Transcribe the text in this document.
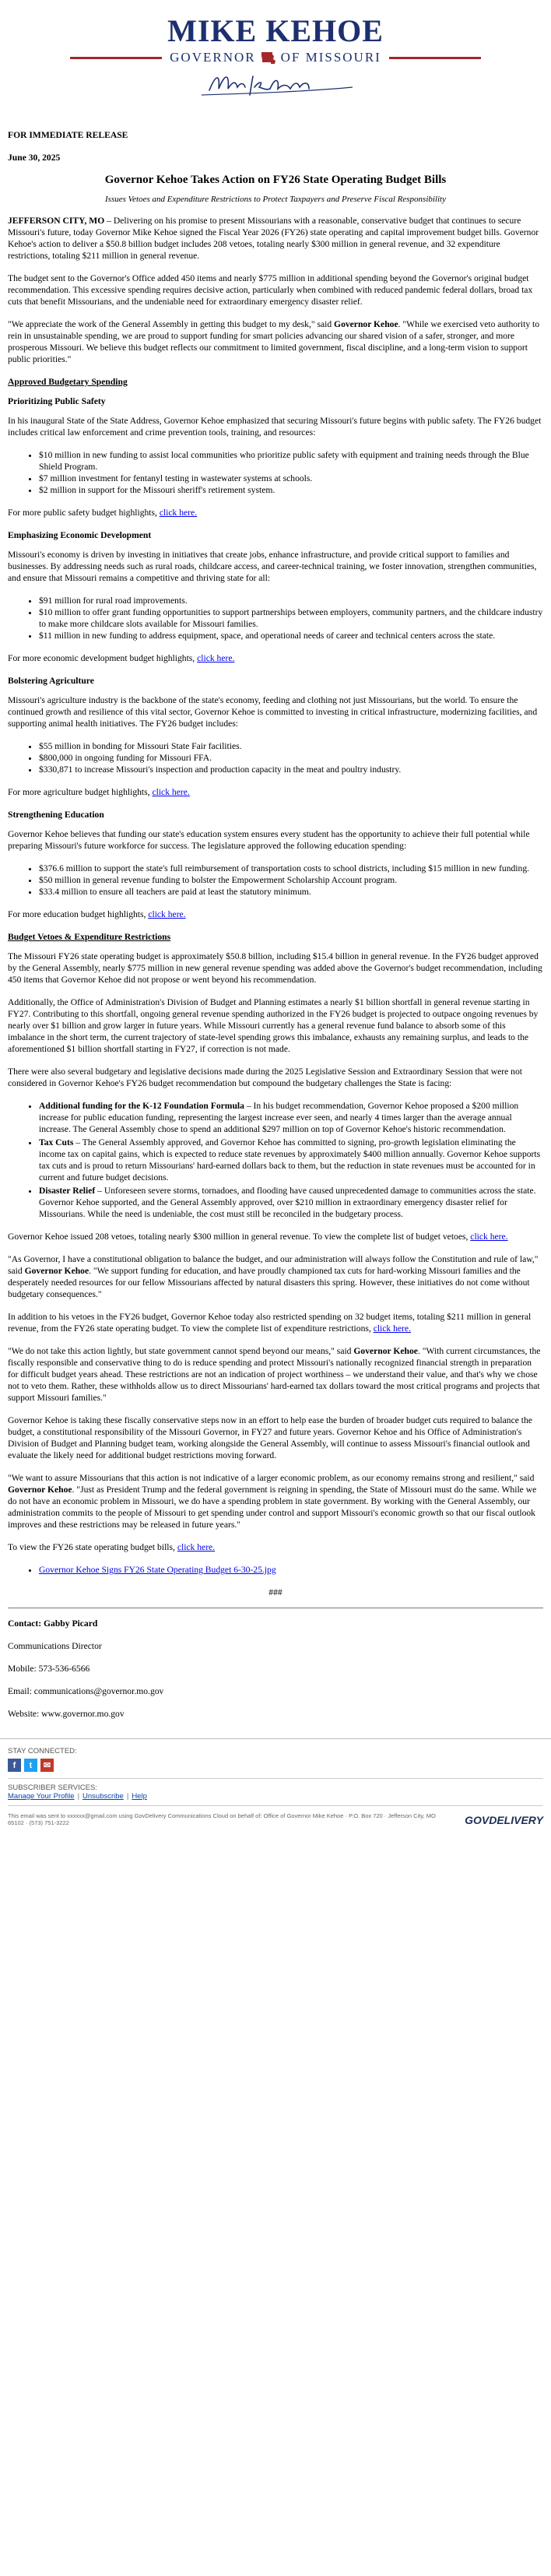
MIKE KEHOE
GOVERNOR OF MISSOURI

FOR IMMEDIATE RELEASE

June 30, 2025

Governor Kehoe Takes Action on FY26 State Operating Budget Bills

Issues Vetoes and Expenditure Restrictions to Protect Taxpayers and Preserve Fiscal Responsibility

JEFFERSON CITY, MO – Delivering on his promise to present Missourians with a reasonable, conservative budget that continues to secure Missouri's future, today Governor Mike Kehoe signed the Fiscal Year 2026 (FY26) state operating and capital improvement budget bills. Governor Kehoe's action to deliver a $50.8 billion budget includes 208 vetoes, totaling nearly $300 million in general revenue, and 32 expenditure restrictions, totaling $211 million in general revenue.

The budget sent to the Governor's Office added 450 items and nearly $775 million in additional spending beyond the Governor's original budget recommendation. This excessive spending requires decisive action, particularly when combined with reduced pandemic federal dollars, broad tax cuts that benefit Missourians, and the undeniable need for extraordinary emergency disaster relief.

"We appreciate the work of the General Assembly in getting this budget to my desk," said Governor Kehoe. "While we exercised veto authority to rein in unsustainable spending, we are proud to support funding for smart policies advancing our shared vision of a safer, stronger, and more prosperous Missouri. We believe this budget reflects our commitment to limited government, fiscal discipline, and a long-term vision to support public priorities."

Approved Budgetary Spending

Prioritizing Public Safety

In his inaugural State of the State Address, Governor Kehoe emphasized that securing Missouri's future begins with public safety. The FY26 budget includes critical law enforcement and crime prevention tools, training, and resources:

• $10 million in new funding to assist local communities who prioritize public safety with equipment and training needs through the Blue Shield Program.
• $7 million investment for fentanyl testing in wastewater systems at schools.
• $2 million in support for the Missouri sheriff's retirement system.

For more public safety budget highlights, click here.

Emphasizing Economic Development

Missouri's economy is driven by investing in initiatives that create jobs, enhance infrastructure, and provide critical support to families and businesses. By addressing needs such as rural roads, childcare access, and career-technical training, we foster innovation, strengthen communities, and ensure that Missouri remains a competitive and thriving state for all:

• $91 million for rural road improvements.
• $10 million to offer grant funding opportunities to support partnerships between employers, community partners, and the childcare industry to make more childcare slots available for Missouri families.
• $11 million in new funding to address equipment, space, and operational needs of career and technical centers across the state.

For more economic development budget highlights, click here.

Bolstering Agriculture

Missouri's agriculture industry is the backbone of the state's economy, feeding and clothing not just Missourians, but the world. To ensure the continued growth and resilience of this vital sector, Governor Kehoe is committed to investing in critical infrastructure, modernizing facilities, and supporting animal health initiatives. The FY26 budget includes:

• $55 million in bonding for Missouri State Fair facilities.
• $800,000 in ongoing funding for Missouri FFA.
• $330,871 to increase Missouri's inspection and production capacity in the meat and poultry industry.

For more agriculture budget highlights, click here.

Strengthening Education

Governor Kehoe believes that funding our state's education system ensures every student has the opportunity to achieve their full potential while preparing Missouri's future workforce for success. The legislature approved the following education spending:

• $376.6 million to support the state's full reimbursement of transportation costs to school districts, including $15 million in new funding.
• $50 million in general revenue funding to bolster the Empowerment Scholarship Account program.
• $33.4 million to ensure all teachers are paid at least the statutory minimum.

For more education budget highlights, click here.

Budget Vetoes & Expenditure Restrictions

The Missouri FY26 state operating budget is approximately $50.8 billion, including $15.4 billion in general revenue. In the FY26 budget approved by the General Assembly, nearly $775 million in new general revenue spending was added above the Governor's budget recommendation, including 450 items that Governor Kehoe did not propose or went beyond his recommendation.

Additionally, the Office of Administration's Division of Budget and Planning estimates a nearly $1 billion shortfall in general revenue starting in FY27. Contributing to this shortfall, ongoing general revenue spending authorized in the FY26 budget is projected to outpace ongoing revenues by nearly over $1 billion and grow larger in future years. While Missouri currently has a general revenue fund balance to absorb some of this imbalance in the short term, the current trajectory of state-level spending grows this imbalance, exhausts any remaining surplus, and leads to the aforementioned $1 billion shortfall starting in FY27, if correction is not made.

There were also several budgetary and legislative decisions made during the 2025 Legislative Session and Extraordinary Session that were not considered in Governor Kehoe's FY26 budget recommendation but compound the budgetary challenges the State is facing:

• Additional funding for the K-12 Foundation Formula – In his budget recommendation, Governor Kehoe proposed a $200 million increase for public education funding, representing the largest increase ever seen, and nearly 4 times larger than the average annual increase. The General Assembly chose to spend an additional $297 million on top of Governor Kehoe's historic recommendation.
• Tax Cuts – The General Assembly approved, and Governor Kehoe has committed to signing, pro-growth legislation eliminating the income tax on capital gains, which is expected to reduce state revenues by approximately $400 million annually. Governor Kehoe supports tax cuts and is proud to return Missourians' hard-earned dollars back to them, but the reduction in state revenues must be accounted for in current and future budget decisions.
• Disaster Relief – Unforeseen severe storms, tornadoes, and flooding have caused unprecedented damage to communities across the state. Governor Kehoe supported, and the General Assembly approved, over $210 million in extraordinary emergency disaster relief for Missourians. While the need is undeniable, the cost must still be reconciled in the budgetary process.

Governor Kehoe issued 208 vetoes, totaling nearly $300 million in general revenue. To view the complete list of budget vetoes, click here.

"As Governor, I have a constitutional obligation to balance the budget, and our administration will always follow the Constitution and rule of law," said Governor Kehoe. "We support funding for education, and have proudly championed tax cuts for hard-working Missouri families and the desperately needed resources for our fellow Missourians affected by natural disasters this spring. However, these initiatives do not come without budgetary consequences."

In addition to his vetoes in the FY26 budget, Governor Kehoe today also restricted spending on 32 budget items, totaling $211 million in general revenue, from the FY26 state operating budget. To view the complete list of expenditure restrictions, click here.

"We do not take this action lightly, but state government cannot spend beyond our means," said Governor Kehoe. "With current circumstances, the fiscally responsible and conservative thing to do is reduce spending and protect Missouri's nationally recognized financial strength in preparation for difficult budget years ahead. These restrictions are not an indication of project worthiness – we understand their value, and that's why we chose not to veto them. Rather, these withholds allow us to direct Missourians' hard-earned tax dollars toward the most critical programs and projects that support Missouri families."

Governor Kehoe is taking these fiscally conservative steps now in an effort to help ease the burden of broader budget cuts required to balance the budget, a constitutional responsibility of the Missouri Governor, in FY27 and future years. Governor Kehoe and his Office of Administration's Division of Budget and Planning budget team, working alongside the General Assembly, will continue to assess Missouri's financial outlook and evaluate the likely need for additional budget restrictions moving forward.

"We want to assure Missourians that this action is not indicative of a larger economic problem, as our economy remains strong and resilient," said Governor Kehoe. "Just as President Trump and the federal government is reigning in spending, the State of Missouri must do the same. While we do not have an economic problem in Missouri, we do have a spending problem in state government. By working with the General Assembly, our administration commits to the people of Missouri to get spending under control and support Missouri's economic growth so that our fiscal outlook improves and these restrictions may be released in future years."

To view the FY26 state operating budget bills, click here.

• Governor Kehoe Signs FY26 State Operating Budget 6-30-25.jpg

###

Contact: Gabby Picard

Communications Director

Mobile: 573-536-6566

Email: communications@governor.mo.gov

Website: www.governor.mo.gov

STAY CONNECTED:
f	t	✉
SUBSCRIBER SERVICES:
Manage Your Profile | Unsubscribe | Help
This email was sent to xxxxxx@gmail.com using GovDelivery Communications Cloud on behalf of: Office of Governor Mike Kehoe · P.O. Box 720 · Jefferson City, MO 65102 · (573) 751-3222	GOVDELIVERY
